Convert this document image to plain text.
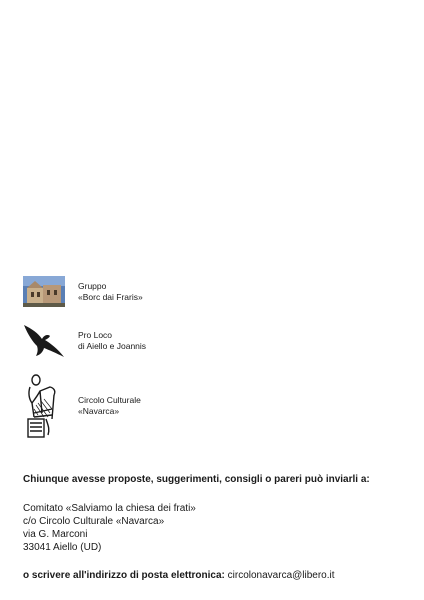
Gruppo
«Borc dai Fraris»
Pro Loco
di Aiello e Joannis
Circolo Culturale
«Navarca»
Chiunque avesse proposte, suggerimenti, consigli o pareri può inviarli a:
Comitato «Salviamo la chiesa dei frati»
c/o Circolo Culturale «Navarca»
via G. Marconi
33041 Aiello (UD)
o scrivere all'indirizzo di posta elettronica: circolonavarca@libero.it
